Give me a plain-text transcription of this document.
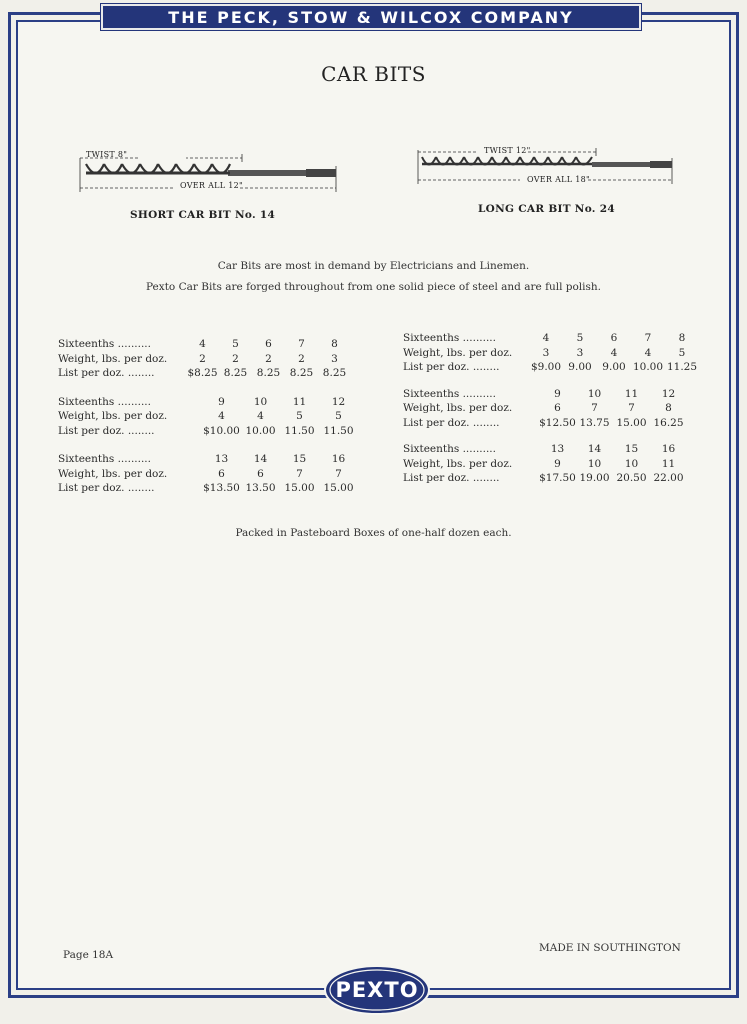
THE PECK, STOW & WILCOX COMPANY
CAR BITS
TWIST 8"
OVER ALL 12"
SHORT CAR BIT No. 14
TWIST 12"
OVER ALL 18"
LONG CAR BIT No. 24
Car Bits are most in demand by Electricians and Linemen.
Pexto Car Bits are forged throughout from one solid piece of steel and are full polish.
Sixteenths ..........	4	5	6	7	8
Weight, lbs. per doz.	2	2	2	2	3
List per doz. ........	$8.25 8.25 8.25 8.25 8.25
Sixteenths ..........	9	10	11	12
Weight, lbs. per doz.	4	4	5	5
List per doz. ........	$10.00 10.00 11.50 11.50
Sixteenths ..........	13	14	15	16
Weight, lbs. per doz.	6	6	7	7
List per doz. ........	$13.50 13.50 15.00 15.00
Sixteenths ..........	4	5	6	7	8
Weight, lbs. per doz.	3	3	4	4	5
List per doz. ........	$9.00 9.00	9.00 10.00 11.25
Sixteenths ..........	9	10	11	12
Weight, lbs. per doz.	6	7	7	8
List per doz. ........	$12.50 13.75 15.00 16.25
Sixteenths ..........	13	14	15	16
Weight, lbs. per doz.	9	10	10	11
List per doz. ........	$17.50 19.00 20.50 22.00
Packed in Pasteboard Boxes of one-half dozen each.
Page 18A
MADE IN SOUTHINGTON
PEXTO
